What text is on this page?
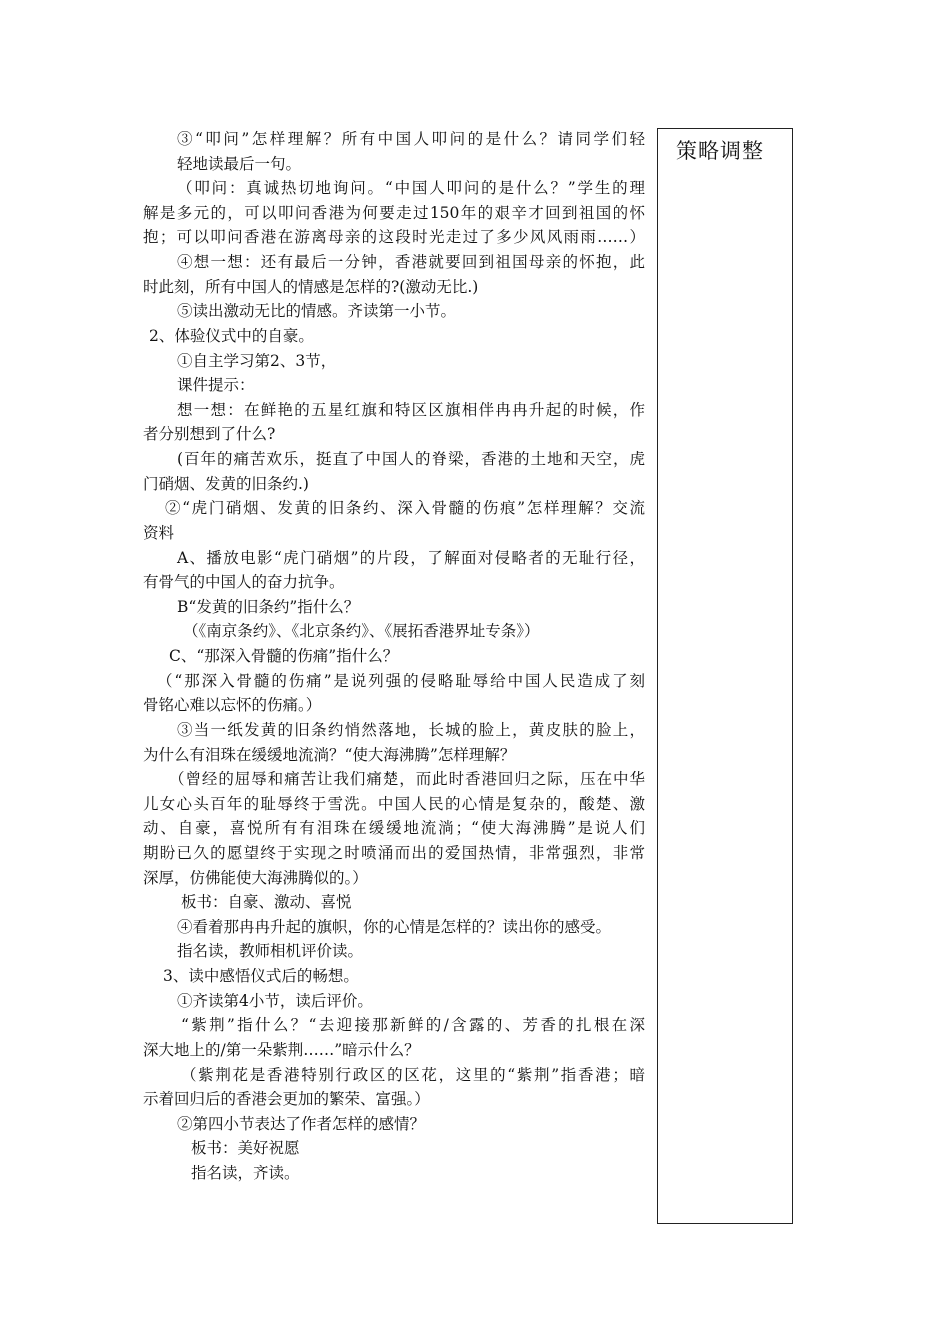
③“叩问”怎样理解？所有中国人叩问的是什么？请同学们轻
轻地读最后一句。
（叩问：真诚热切地询问。“中国人叩问的是什么？”学生的理
解是多元的，可以叩问香港为何要走过150年的艰辛才回到祖国的怀
抱；可以叩问香港在游离母亲的这段时光走过了多少风风雨雨……）
④想一想：还有最后一分钟，香港就要回到祖国母亲的怀抱，此
时此刻，所有中国人的情感是怎样的?(激动无比.)
⑤读出激动无比的情感。齐读第一小节。
2、体验仪式中的自豪。
①自主学习第2、3节，
课件提示：
想一想：在鲜艳的五星红旗和特区区旗相伴冉冉升起的时候，作
者分别想到了什么?
(百年的痛苦欢乐，挺直了中国人的脊梁，香港的土地和天空，虎
门硝烟、发黄的旧条约.)
②“虎门硝烟、发黄的旧条约、深入骨髓的伤痕”怎样理解？交流
资料
A、播放电影“虎门硝烟”的片段，了解面对侵略者的无耻行径，
有骨气的中国人的奋力抗争。
B“发黄的旧条约”指什么？
（《南京条约》、《北京条约》、《展拓香港界址专条》）
C、“那深入骨髓的伤痛”指什么？
（“那深入骨髓的伤痛”是说列强的侵略耻辱给中国人民造成了刻
骨铭心难以忘怀的伤痛。）
③当一纸发黄的旧条约悄然落地，长城的脸上，黄皮肤的脸上，
为什么有泪珠在缓缓地流淌？“使大海沸腾”怎样理解？
（曾经的屈辱和痛苦让我们痛楚，而此时香港回归之际，压在中华
儿女心头百年的耻辱终于雪洗。中国人民的心情是复杂的，酸楚、激
动、自豪，喜悦所有有泪珠在缓缓地流淌；“使大海沸腾”是说人们
期盼已久的愿望终于实现之时喷涌而出的爱国热情，非常强烈，非常
深厚，仿佛能使大海沸腾似的。）
板书：自豪、激动、喜悦
④看着那冉冉升起的旗帜，你的心情是怎样的？读出你的感受。
指名读，教师相机评价读。
3、读中感悟仪式后的畅想。
①齐读第4小节，读后评价。
“紫荆”指什么？“去迎接那新鲜的/含露的、芳香的扎根在深
深大地上的/第一朵紫荆……”暗示什么？
（紫荆花是香港特别行政区的区花，这里的“紫荆”指香港；暗
示着回归后的香港会更加的繁荣、富强。）
②第四小节表达了作者怎样的感情？
板书：美好祝愿
指名读，齐读。
策略调整
